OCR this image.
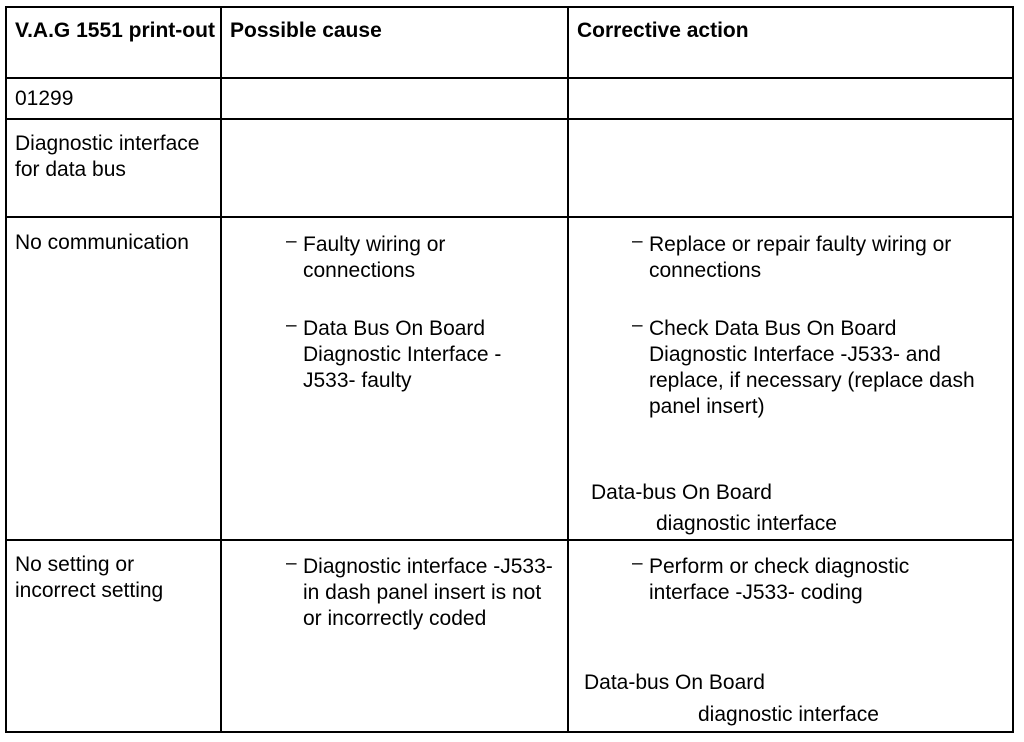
V.A.G 1551 print-out Possible cause	Corrective action
01299
Diagnostic interface for data bus
No communication	– Faulty wiring or connections
– Data Bus On Board Diagnostic Interface -J533- faulty
– Replace or repair faulty wiring or connections
– Check Data Bus On Board Diagnostic Interface -J533- and replace, if necessary (replace dash panel insert)
Data-bus On Board
diagnostic interface
No setting or incorrect setting
– Diagnostic interface -J533- in dash panel insert is not or incorrectly coded
– Perform or check diagnostic interface -J533- coding
Data-bus On Board
diagnostic interface
